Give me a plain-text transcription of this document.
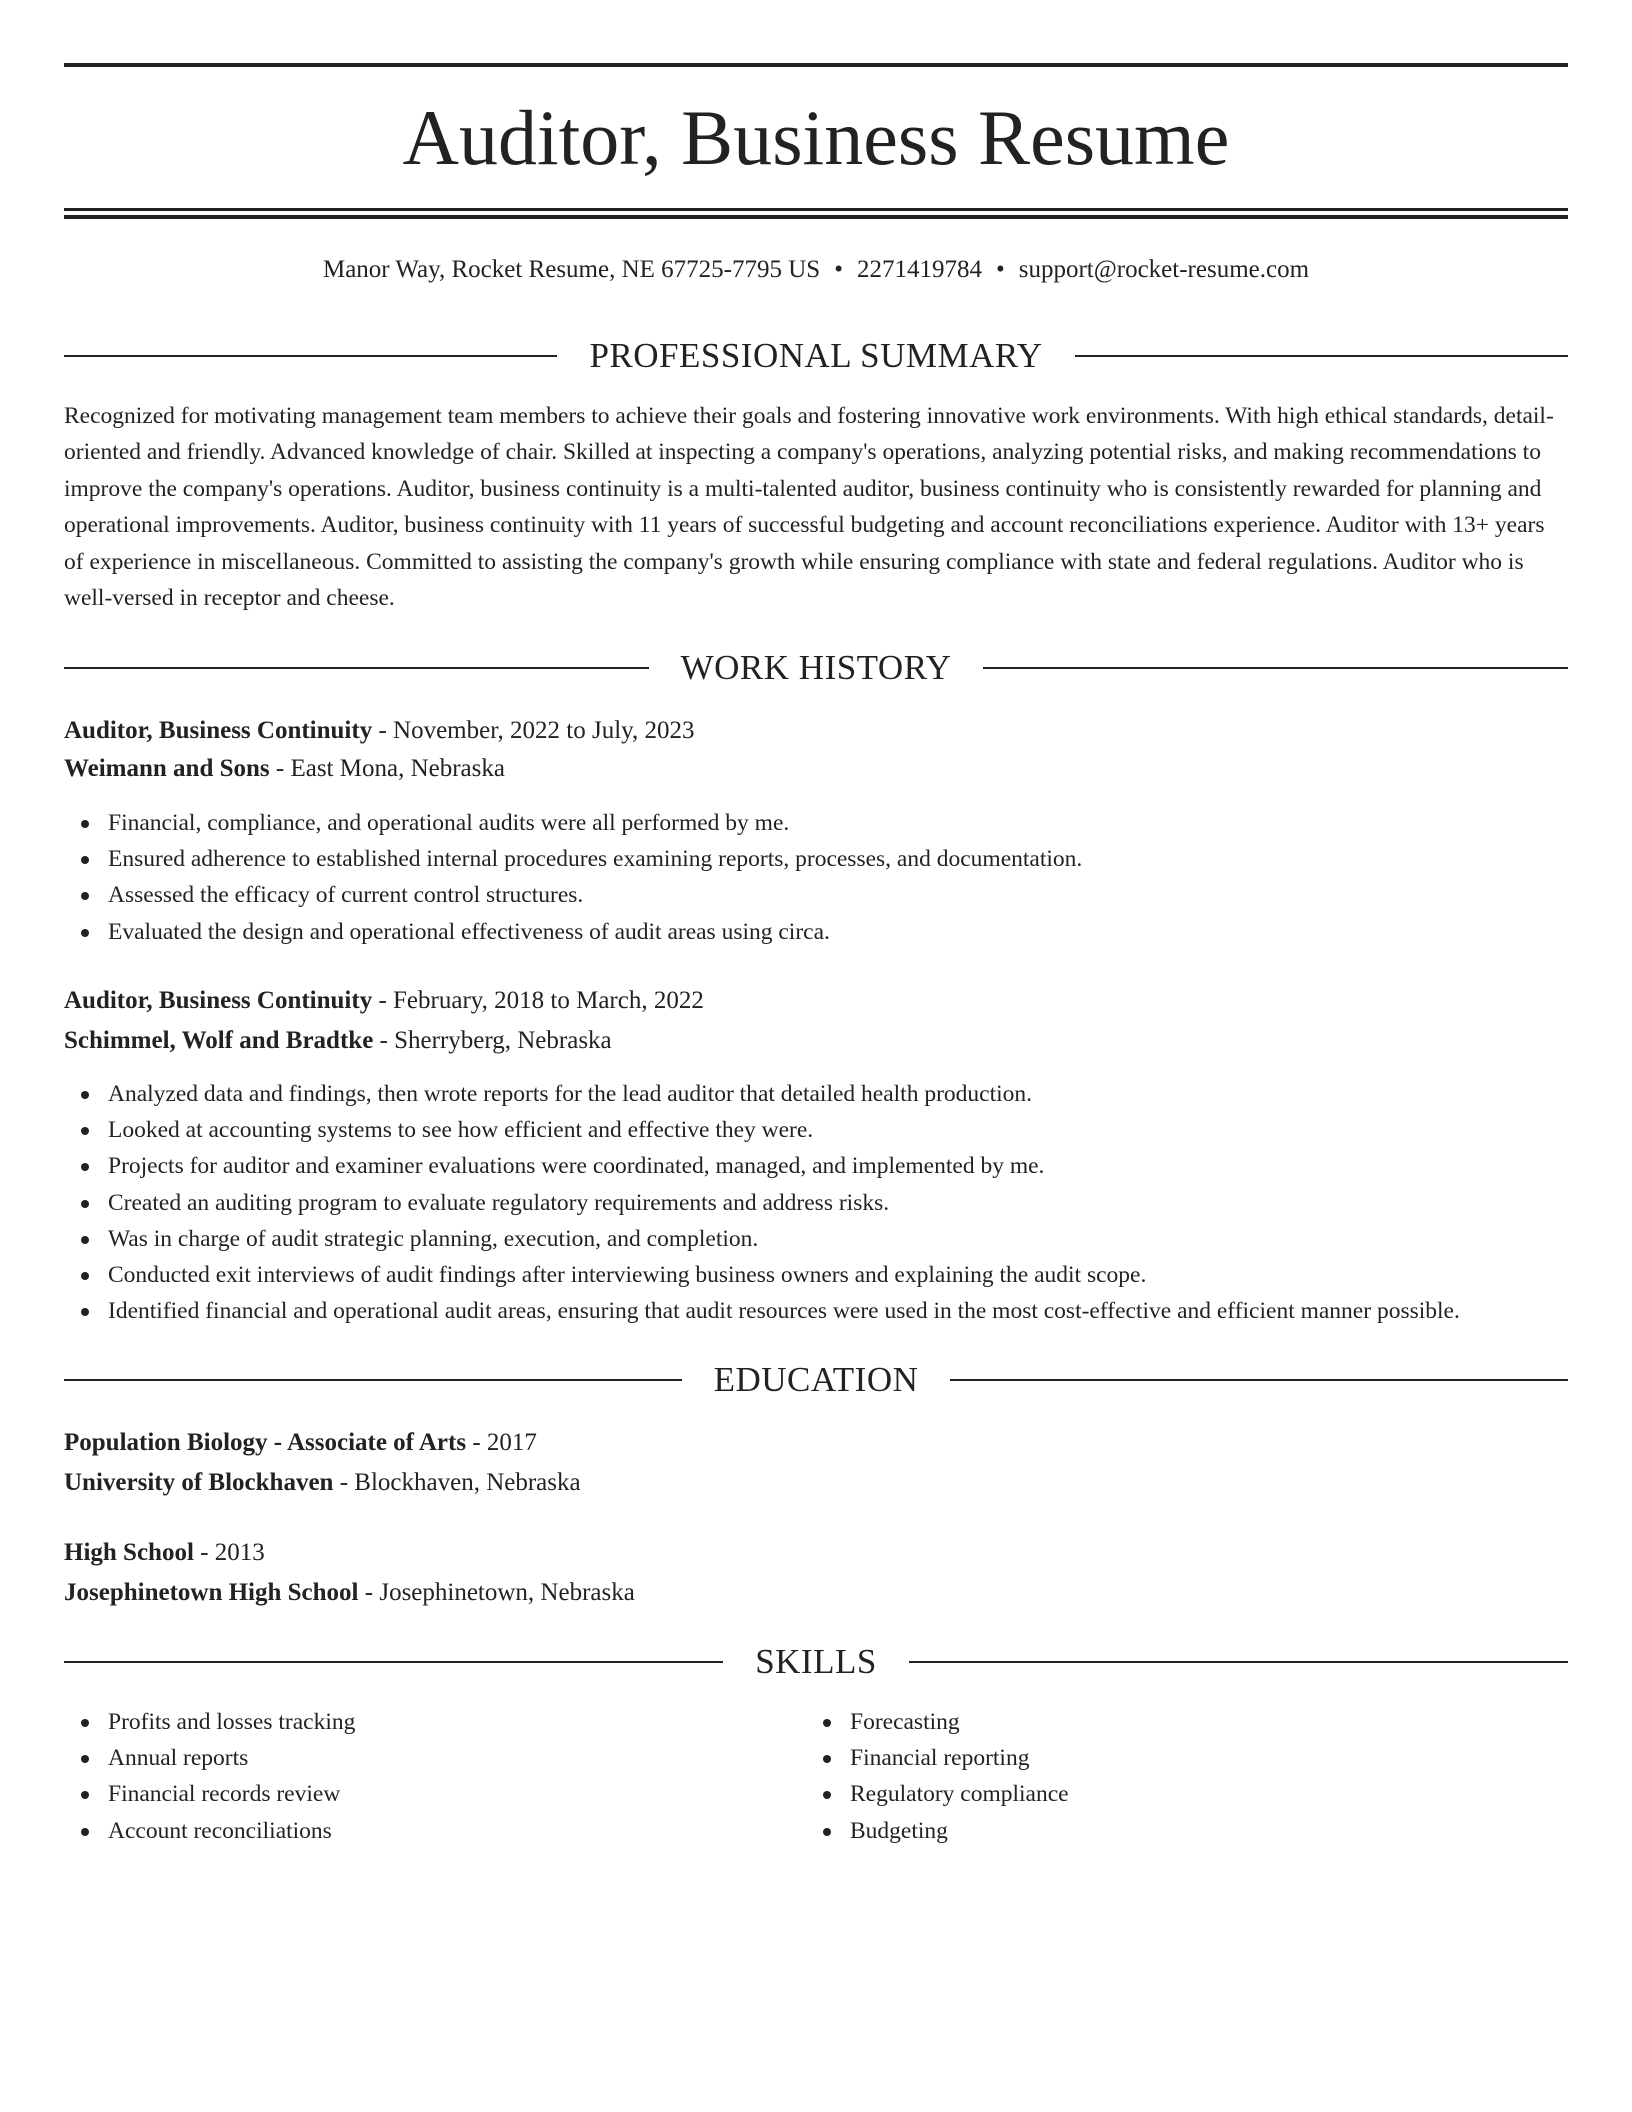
Auditor, Business Resume
Manor Way, Rocket Resume, NE 67725-7795 US • 2271419784 • support@rocket-resume.com
PROFESSIONAL SUMMARY

Recognized for motivating management team members to achieve their goals and fostering innovative work environments. With high ethical standards, detail-oriented and friendly. Advanced knowledge of chair. Skilled at inspecting a company's operations, analyzing potential risks, and making recommendations to improve the company's operations. Auditor, business continuity is a multi-talented auditor, business continuity who is consistently rewarded for planning and operational improvements. Auditor, business continuity with 11 years of successful budgeting and account reconciliations experience. Auditor with 13+ years of experience in miscellaneous. Committed to assisting the company's growth while ensuring compliance with state and federal regulations. Auditor who is well-versed in receptor and cheese.

WORK HISTORY
Auditor, Business Continuity - November, 2022 to July, 2023
Weimann and Sons - East Mona, Nebraska
Financial, compliance, and operational audits were all performed by me.
Ensured adherence to established internal procedures examining reports, processes, and documentation.
Assessed the efficacy of current control structures.
Evaluated the design and operational effectiveness of audit areas using circa.
Auditor, Business Continuity - February, 2018 to March, 2022
Schimmel, Wolf and Bradtke - Sherryberg, Nebraska
Analyzed data and findings, then wrote reports for the lead auditor that detailed health production.
Looked at accounting systems to see how efficient and effective they were.
Projects for auditor and examiner evaluations were coordinated, managed, and implemented by me.
Created an auditing program to evaluate regulatory requirements and address risks.
Was in charge of audit strategic planning, execution, and completion.
Conducted exit interviews of audit findings after interviewing business owners and explaining the audit scope.
Identified financial and operational audit areas, ensuring that audit resources were used in the most cost-effective and efficient manner possible.
EDUCATION
Population Biology - Associate of Arts - 2017
University of Blockhaven - Blockhaven, Nebraska
High School - 2013
Josephinetown High School - Josephinetown, Nebraska
SKILLS
Profits and losses tracking
Annual reports
Financial records review
Account reconciliations
Forecasting
Financial reporting
Regulatory compliance
Budgeting
